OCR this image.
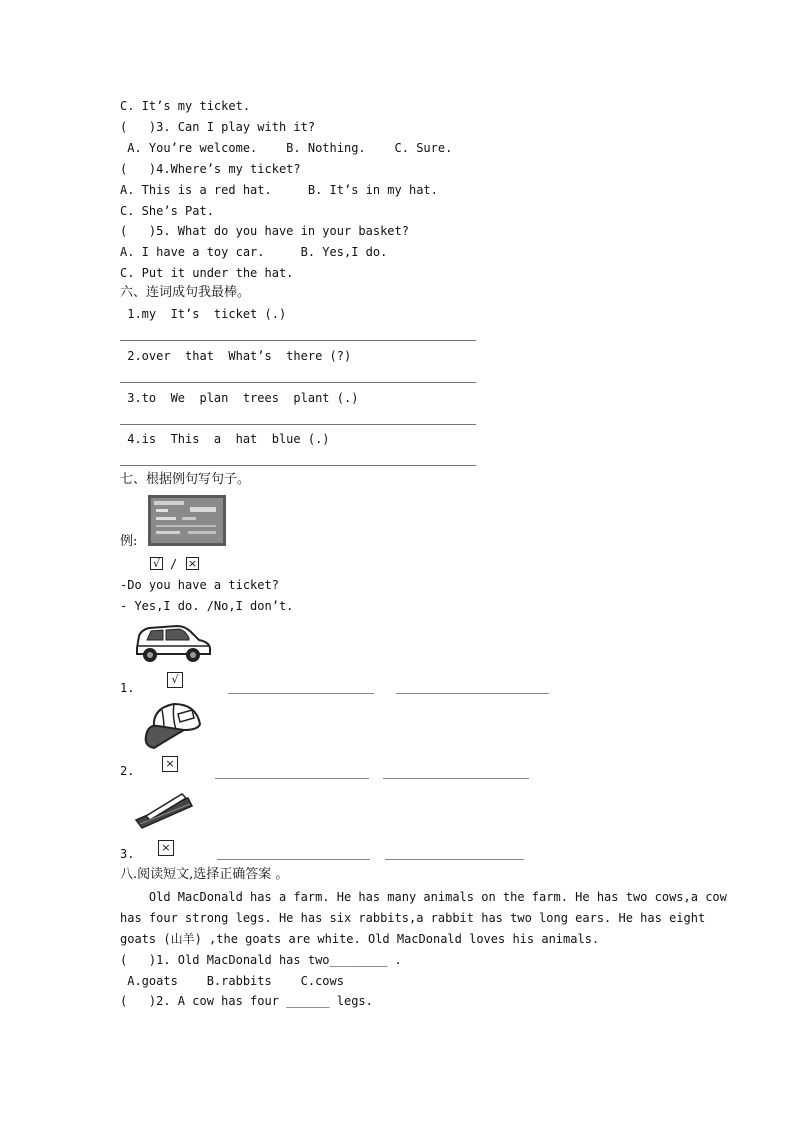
C. It’s my ticket.
(   )3. Can I play with it?
A. You’re welcome.    B. Nothing.    C. Sure.
(   )4.Where’s my ticket?
A. This is a red hat.     B. It’s in my hat.
C. She’s Pat.
(   )5. What do you have in your basket?
A. I have a toy car.     B. Yes,I do.
C. Put it under the hat.
六、连词成句我最棒。
1.my  It’s  ticket (.)
2.over  that  What’s  there (?)
3.to  We  plan  trees  plant (.)
4.is  This  a  hat  blue (.)
七、根据例句写句子。
例:
√ / ×
-Do you have a ticket?
- Yes,I do. /No,I don’t.
1.
√
2.
×
3.	×
八.阅读短文,选择正确答案 。
Old MacDonald has a farm. He has many animals on the farm. He has two cows,a cow
has four strong legs. He has six rabbits,a rabbit has two long ears. He has eight
goats (山羊) ,the goats are white. Old MacDonald loves his animals.
(   )1. Old MacDonald has two________ .
A.goats    B.rabbits    C.cows
(   )2. A cow has four ______ legs.
